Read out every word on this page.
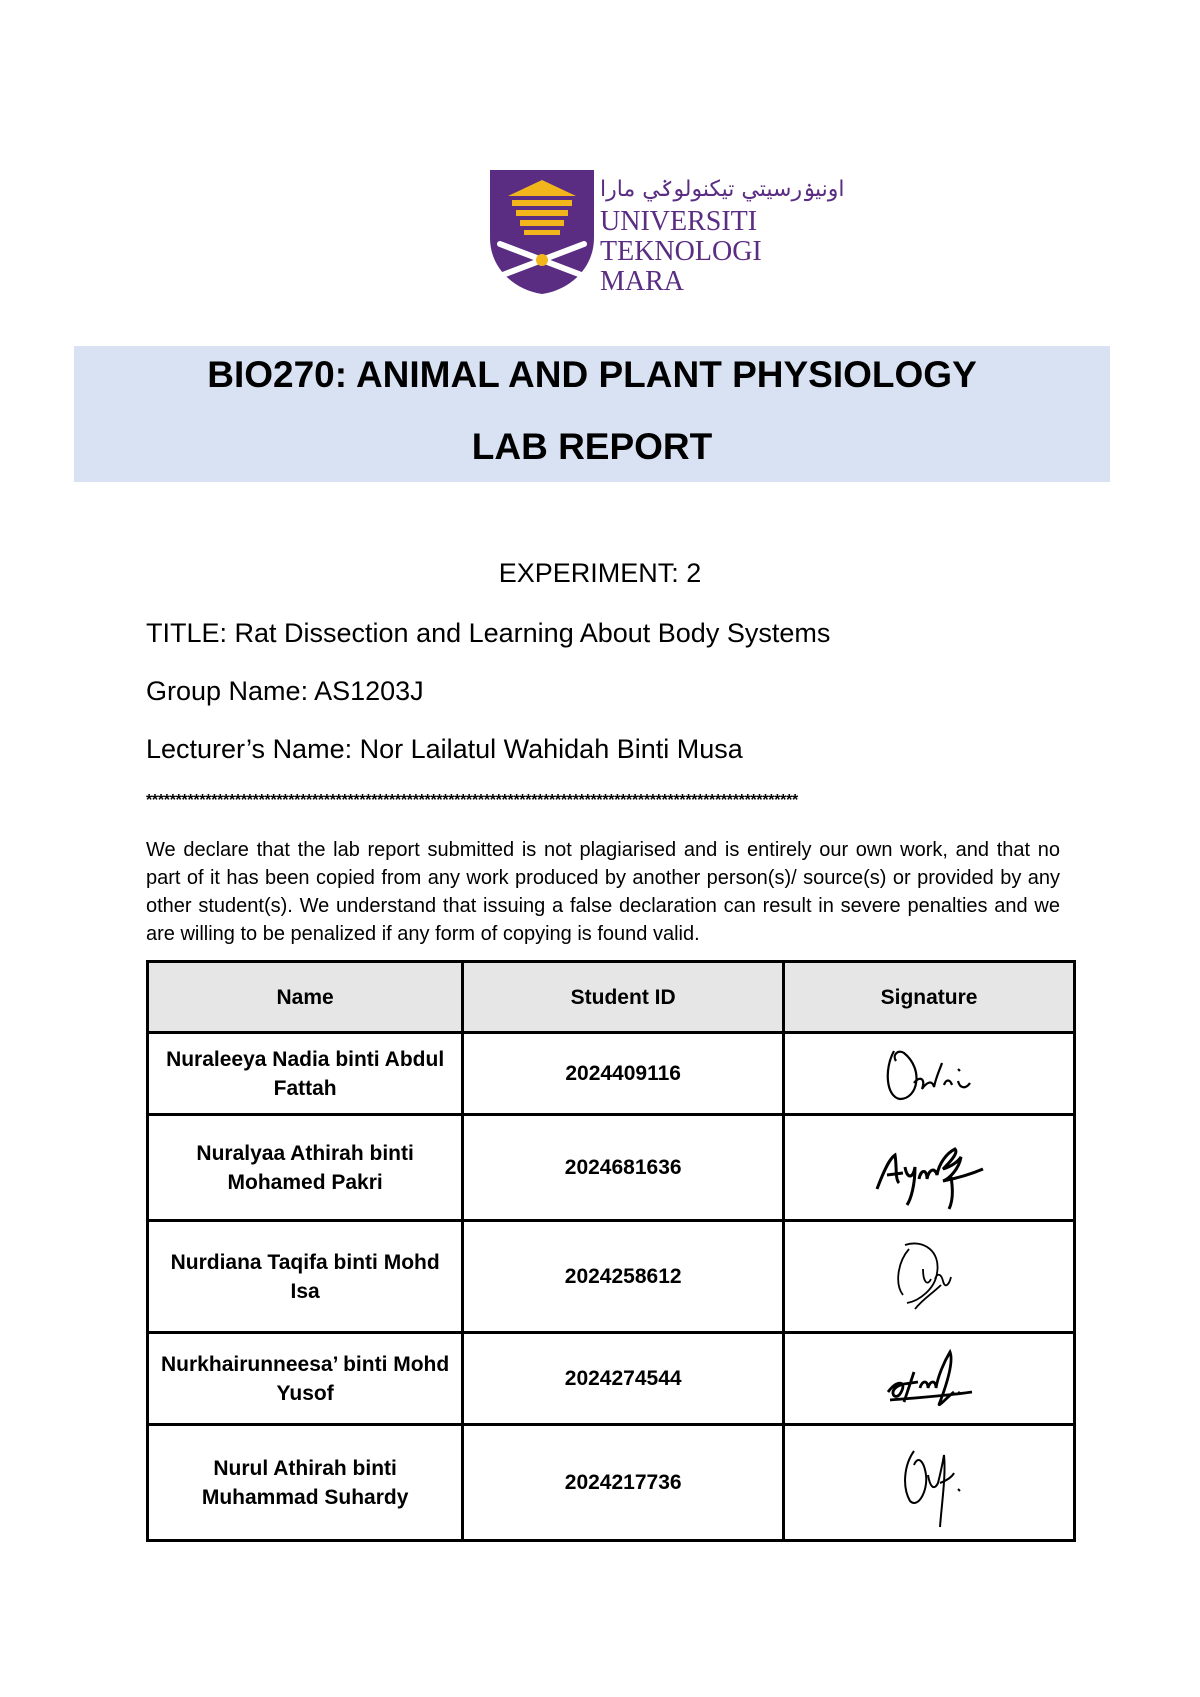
اونيۏرسيتي تيكنولوݢي مارا
UNIVERSITI
TEKNOLOGI
MARA
BIO270: ANIMAL AND PLANT PHYSIOLOGY
LAB REPORT
EXPERIMENT: 2
TITLE: Rat Dissection and Learning About Body Systems
Group Name: AS1203J
Lecturer’s Name: Nor Lailatul Wahidah Binti Musa
**************************************************************************************************************
We declare that the lab report submitted is not plagiarised and is entirely our own work, and that no part of it has been copied from any work produced by another person(s)/ source(s) or provided by any other student(s). We understand that issuing a false declaration can result in severe penalties and we are willing to be penalized if any form of copying is found valid.
Name	Student ID	Signature
Nuraleeya Nadia binti Abdul Fattah	2024409116	

Nuralyaa Athirah binti Mohamed Pakri	2024681636	

Nurdiana Taqifa binti Mohd Isa	2024258612	

Nurkhairunneesa’ binti Mohd Yusof	2024274544	

Nurul Athirah binti Muhammad Suhardy	2024217736	
